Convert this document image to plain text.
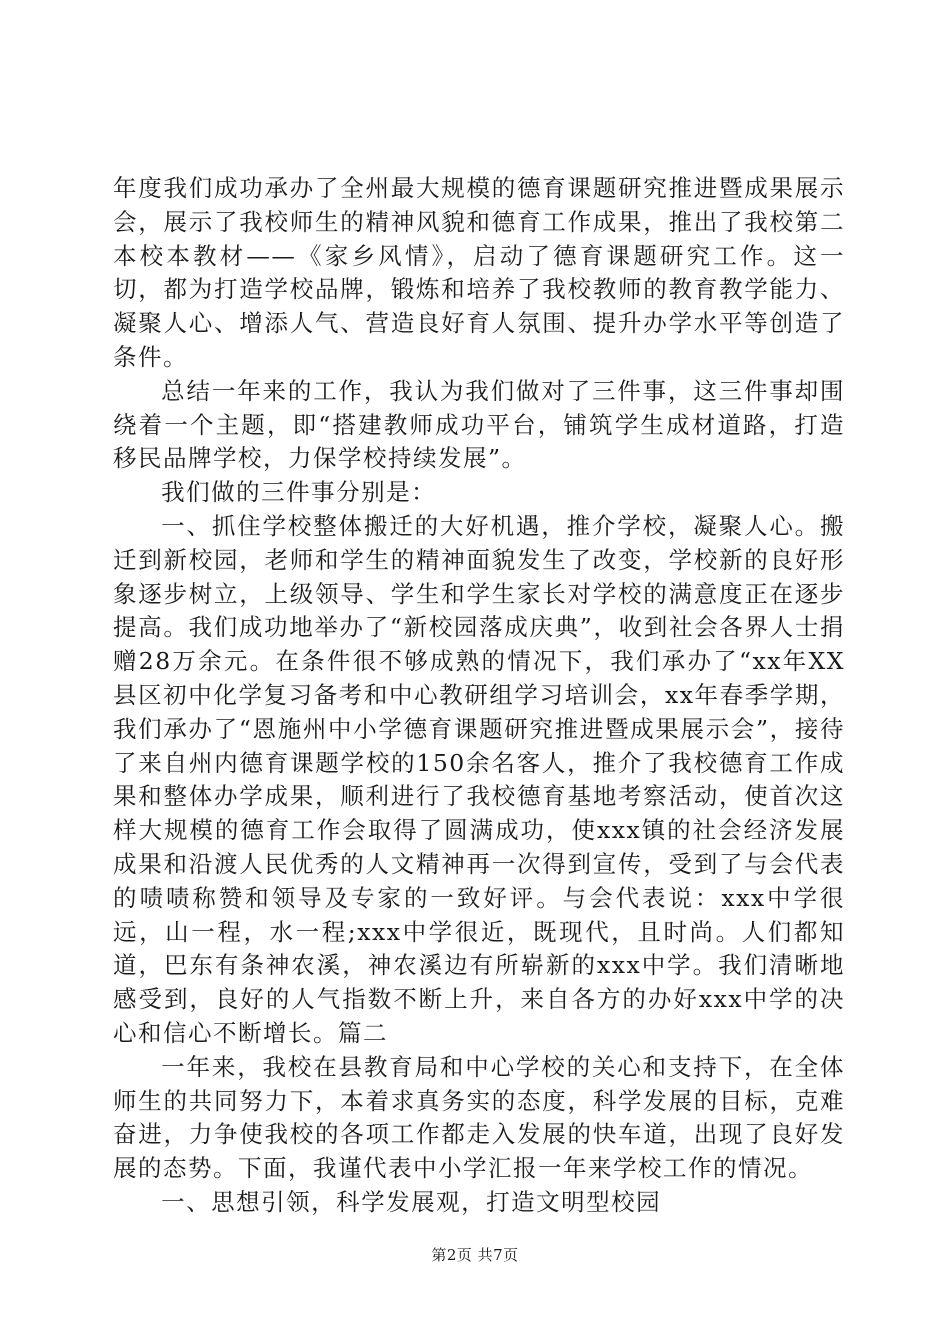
年度我们成功承办了全州最大规模的德育课题研究推进暨成果展示会，展示了我校师生的精神风貌和德育工作成果，推出了我校第二本校本教材——《家乡风情》，启动了德育课题研究工作。这一切，都为打造学校品牌，锻炼和培养了我校教师的教育教学能力、凝聚人心、增添人气、营造良好育人氛围、提升办学水平等创造了条件。

总结一年来的工作，我认为我们做对了三件事，这三件事却围绕着一个主题，即“搭建教师成功平台，铺筑学生成材道路，打造移民品牌学校，力保学校持续发展”。

我们做的三件事分别是：

一、抓住学校整体搬迁的大好机遇，推介学校，凝聚人心。搬迁到新校园，老师和学生的精神面貌发生了改变，学校新的良好形象逐步树立，上级领导、学生和学生家长对学校的满意度正在逐步提高。我们成功地举办了“新校园落成庆典”，收到社会各界人士捐赠28万余元。在条件很不够成熟的情况下，我们承办了“xx年XX县区初中化学复习备考和中心教研组学习培训会，xx年春季学期，我们承办了“恩施州中小学德育课题研究推进暨成果展示会”，接待了来自州内德育课题学校的150余名客人，推介了我校德育工作成果和整体办学成果，顺利进行了我校德育基地考察活动，使首次这样大规模的德育工作会取得了圆满成功，使xxx镇的社会经济发展成果和沿渡人民优秀的人文精神再一次得到宣传，受到了与会代表的啧啧称赞和领导及专家的一致好评。与会代表说：xxx中学很远，山一程，水一程;xxx中学很近，既现代，且时尚。人们都知道，巴东有条神农溪，神农溪边有所崭新的xxx中学。我们清晰地感受到，良好的人气指数不断上升，来自各方的办好xxx中学的决心和信心不断增长。篇二

一年来，我校在县教育局和中心学校的关心和支持下，在全体师生的共同努力下，本着求真务实的态度，科学发展的目标，克难奋进，力争使我校的各项工作都走入发展的快车道，出现了良好发展的态势。下面，我谨代表中小学汇报一年来学校工作的情况。

一、思想引领，科学发展观，打造文明型校园

第2页 共7页
